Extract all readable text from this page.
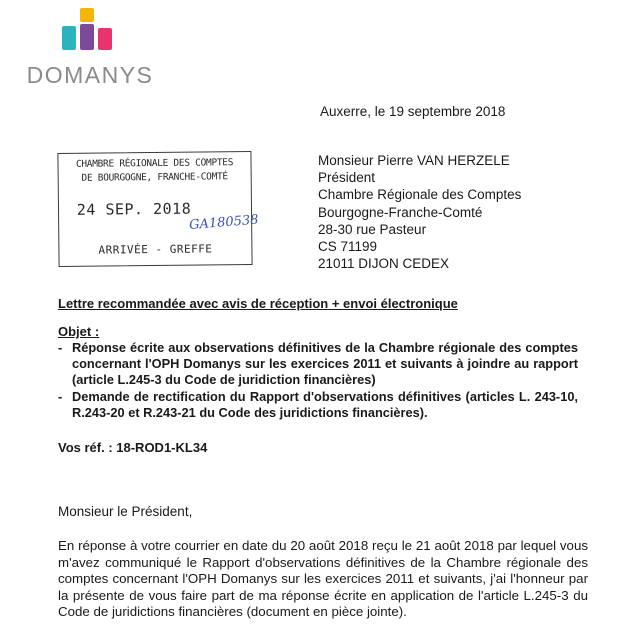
DOMANYS
Auxerre, le 19 septembre 2018
CHAMBRE RÉGIONALE DES COMPTES
DE BOURGOGNE, FRANCHE-COMTÉ
24 SEP. 2018
GA180538
ARRIVÉE - GREFFE
Monsieur Pierre VAN HERZELE
Président
Chambre Régionale des Comptes
Bourgogne-Franche-Comté
28-30 rue Pasteur
CS 71199
21011 DIJON CEDEX
Lettre recommandée avec avis de réception + envoi électronique
Objet :
- Réponse écrite aux observations définitives de la Chambre régionale des comptes concernant l'OPH Domanys sur les exercices 2011 et suivants à joindre au rapport (article L.245-3 du Code de juridiction financières)
- Demande de rectification du Rapport d'observations définitives (articles L. 243-10, R.243-20 et R.243-21 du Code des juridictions financières).
Vos réf. : 18-ROD1-KL34
Monsieur le Président,
En réponse à votre courrier en date du 20 août 2018 reçu le 21 août 2018 par lequel vous m'avez communiqué le Rapport d'observations définitives de la Chambre régionale des comptes concernant l'OPH Domanys sur les exercices 2011 et suivants, j'ai l'honneur par la présente de vous faire part de ma réponse écrite en application de l'article L.245-3 du Code de juridictions financières (document en pièce jointe).
